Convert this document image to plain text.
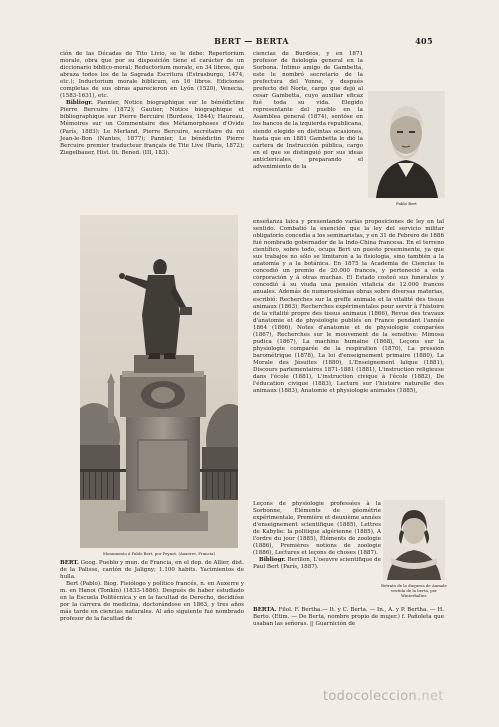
BERT — BERTA	405

ción de las Décadas de Tito Livio, se le debe: Repertorium morale, obra que por su disposición tiene el carácter de un diccionario bíblico-moral; Reductorium morale, en 34 libros, que abraza todos los de la Sagrada Escritura (Estrasburgo, 1474, etc.); Inductorium morale biblicum, en 16 libros. Ediciones completas de sus obras aparecieron en Lyón (1520), Venecia, (1583-1631), etc.

Bibliogr. Pannier, Notice biographique sur le bénédictine Pierre Bercuire (1872); Gautier, Notice biographique et bibliographique sur Pierre Bercuire (Burdeos, 1844); Haureau, Mémoires sur un Commentaire des Métamorphoses d'Ovide (París, 1883); Le Merland, Pierre Bercuire, secrétaire du roi Jean-le-Bon (Nantes, 1877); Pannier, Le bénédictin Pierre Bercuire premier traducteur français de Tite Live (París, 1872); Ziegelbauer, Hist. lit. Bened. (III, 183).

Monumento á Pablo Bert, por Peynot. (Auxerre. Francia)

BERT. Geog. Pueblo y mun. de Francia, en el dep. de Allier, dist. de la Palisse, cantón de Jaligny; 1.100 habits. Yacimientos de hulla.

Bert (Pablo). Biog. Fisiólogo y político francés, n. en Auxerre y m. en Hanoi (Tonkín) (1833-1886). Después de haber estudiado en la Escuela Politécnica y en la facultad de Derecho, decidióse por la carrera de medicina, doctorándose en 1863, y tres años más tarde en ciencias naturales. Al año siguiente fué nombrado profesor de la facultad de

ciencias de Burdeos, y en 1871 profesor de fisiología general en la Sorbona. Íntimo amigo de Gambetta, este le nombró secretario de la prefectura del Yonne, y después prefecto del Norte, cargo que dejó al cesar Gambetta, cuyo auxiliar eficaz fué toda su vida. Elegido representante del pueblo en la Asamblea general (1874), sentóse en los bancos de la izquierda republicana, siendo elegido en distintas ocasiones, hasta que en 1881 Gambetta le dió la cartera de Instrucción pública, cargo en el que se distinguió por sus ideas anticlericales, preparando el advenimiento de la

Pablo Bert

enseñanza laica y presentando varias proposiciones de ley en tal sentido. Combatió la exención que la ley del servicio militar obligatorio concedía a los seminaristas, y en 31 de Febrero de 1886 fué nombrado gobernador de la Indo-China francesa. En el terreno científico, sobre todo, ocupa Bert un puesto preeminente, ya que sus trabajos no sólo se limitaron a la fisiología, sino también a la anatomía y a la botánica. En 1875 la Academia de Ciencias le concedió un premio de 20.000 francos, y perteneció a esta corporación y á otras muchas. El Estado costeó sus funerales y concedió á su viuda una pensión vitalicia de 12.000 francos anuales. Además de numerosísimas obras sobre diversas materias, escribió: Recherches sur la greffe animale et la vitalité des tissus animaux (1863), Recherches expérimentales pour servir à l'histoire de la vitalité propre des tissus animaux (1866), Revue des travaux d'anatomie et de physiologie publiés en France pendant l'année 1864 (1866), Notes d'anatomie et de physiologie comparées (1867), Recherches sur le mouvement de la sensitive: Mimosa pudica (1867), La machine humaine (1868), Leçons sur la physiologie comparée de la respiration (1870), La pression barométrique (1878), La loi d'enseignement primaire (1880), La Morale des Jésuites (1880), L'Enseignement laïque (1881), Discours parlementaires 1871-1881 (1881), L'instruction religieuse dans l'école (1881), L'instruction civique à l'école (1882), De l'éducation civique (1883), Lecture sur l'histoire naturelle des animaux (1883), Anatomie et physiologie animales (1885),

Leçons de physiologie professées à la Sorbonne, Éléments de géométrie expérimentale, Première et deuxième années d'enseignement scientifique (1885), Lettres de Kabylie: la politique algérienne (1885), A l'ordre du jour (1885), Éléments de zoologie (1886), Premières notions de zoologie (1886), Lectures et leçons de choses (1887).

Bibliogr. Berillon, L'oeuvre scientifique de Paul Bert (París, 1887).

Retrato de la duquesa de Aumale vestida de la berta, por Winterhalter.

BERTA. Filol. F. Bertha.— It. y C. Berta. — In., A. y P. Bertha. — H. Berto. (Etim. — De Berta, nombre propio de mujer.) f. Pañoleta que usaban las señoras. || Guarnición de

todocoleccion.net
